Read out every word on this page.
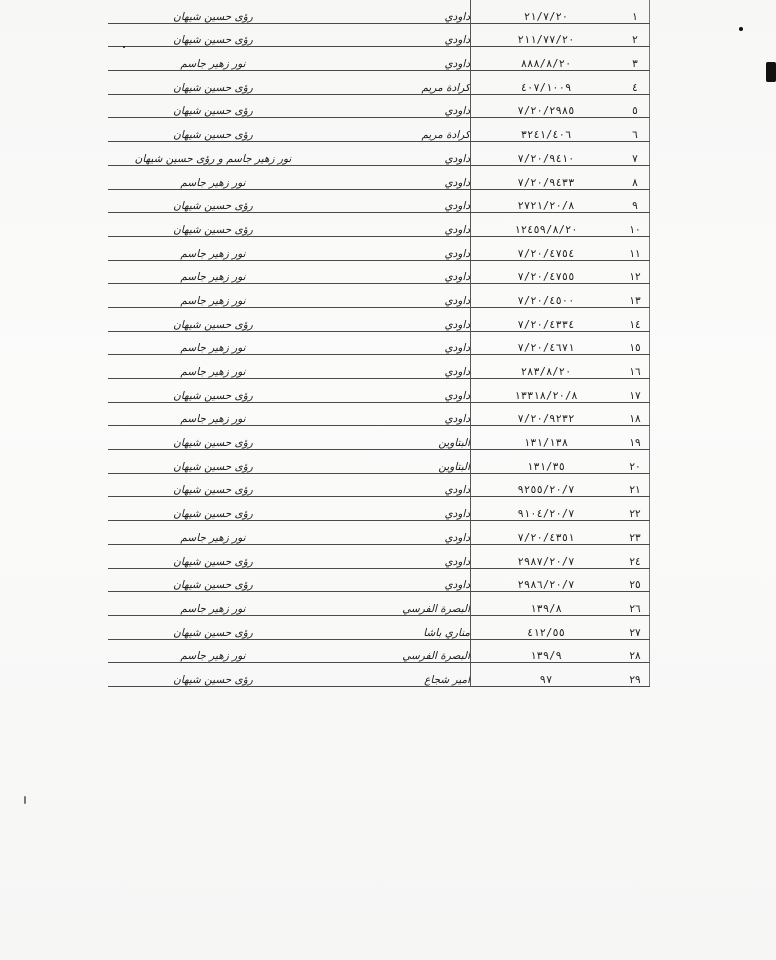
١	٢١/٧/٢٠	داودي	رؤى حسين شيهان
٢	٢١١/٧٧/٢٠	داودي	رؤى حسين شيهان
٣	٨٨٨/٨/٢٠	داودي	نور زهير جاسم
٤	٤٠٧/١٠٠٩	كرادة مريم	رؤى حسين شيهان
٥	٧/٢٠/٢٩٨٥	داودي	رؤى حسين شيهان
٦	٣٢٤١/٤٠٦	كرادة مريم	رؤى حسين شيهان
٧	٧/٢٠/٩٤١٠	داودي	نور زهير جاسم و رؤى حسين شيهان
٨	٧/٢٠/٩٤٣٣	داودي	نور زهير جاسم
٩	٢٧٢١/٢٠/٨	داودي	رؤى حسين شيهان
١٠	١٢٤٥٩/٨/٢٠	داودي	رؤى حسين شيهان
١١	٧/٢٠/٤٧٥٤	داودي	نور زهير جاسم
١٢	٧/٢٠/٤٧٥٥	داودي	نور زهير جاسم
١٣	٧/٢٠/٤٥٠٠	داودي	نور زهير جاسم
١٤	٧/٢٠/٤٣٣٤	داودي	رؤى حسين شيهان
١٥	٧/٢٠/٤٦٧١	داودي	نور زهير جاسم
١٦	٢٨٣/٨/٢٠	داودي	نور زهير جاسم
١٧	١٣٣١٨/٢٠/٨	داودي	رؤى حسين شيهان
١٨	٧/٢٠/٩٢٣٢	داودي	نور زهير جاسم
١٩	١٣١/١٣٨	البتاوين	رؤى حسين شيهان
٢٠	١٣١/٣٥	البتاوين	رؤى حسين شيهان
٢١	٩٢٥٥/٢٠/٧	داودي	رؤى حسين شيهان
٢٢	٩١٠٤/٢٠/٧	داودي	رؤى حسين شيهان
٢٣	٧/٢٠/٤٣٥١	داودي	نور زهير جاسم
٢٤	٢٩٨٧/٢٠/٧	داودي	رؤى حسين شيهان
٢٥	٢٩٨٦/٢٠/٧	داودي	رؤى حسين شيهان
٢٦	١٣٩/٨	البصرة الفرسي	نور زهير جاسم
٢٧	٤١٢/٥٥	مناري باشا	رؤى حسين شيهان
٢٨	١٣٩/٩	البصرة الفرسي	نور زهير جاسم
٢٩	٩٧	امير شجاع	رؤى حسين شيهان
